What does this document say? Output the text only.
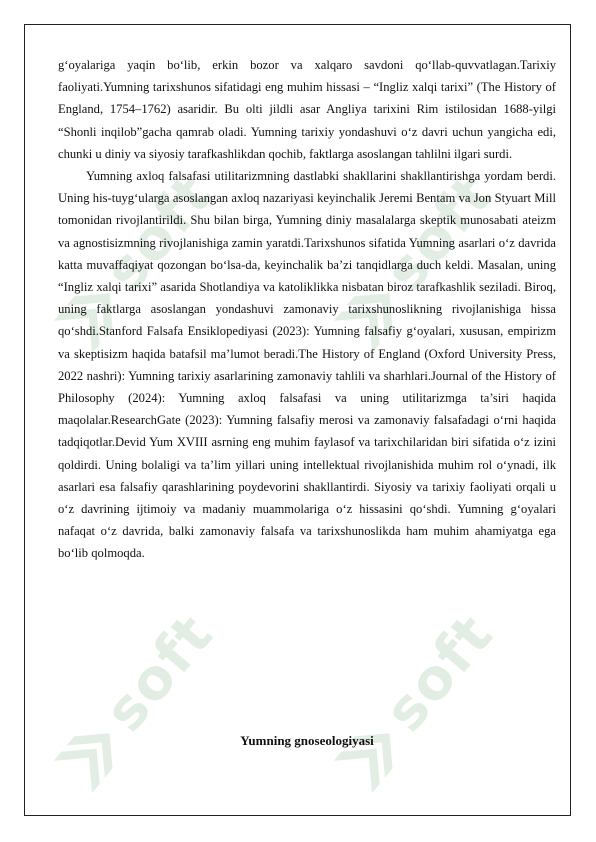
soft	soft
soft	soft

g‘oyalariga yaqin bo‘lib, erkin bozor va xalqaro savdoni qo‘llab-quvvatlagan.Tarixiy faoliyati.Yumning tarixshunos sifatidagi eng muhim hissasi – “Ingliz xalqi tarixi” (The History of England, 1754–1762) asaridir. Bu olti jildli asar Angliya tarixini Rim istilosidan 1688-yilgi “Shonli inqilob”gacha qamrab oladi. Yumning tarixiy yondashuvi o‘z davri uchun yangicha edi, chunki u diniy va siyosiy tarafkashlikdan qochib, faktlarga asoslangan tahlilni ilgari surdi.

Yumning axloq falsafasi utilitarizmning dastlabki shakllarini shakllantirishga yordam berdi. Uning his-tuyg‘ularga asoslangan axloq nazariyasi keyinchalik Jeremi Bentam va Jon Styuart Mill tomonidan rivojlantirildi. Shu bilan birga, Yumning diniy masalalarga skeptik munosabati ateizm va agnostisizmning rivojlanishiga zamin yaratdi.Tarixshunos sifatida Yumning asarlari o‘z davrida katta muvaffaqiyat qozongan bo‘lsa-da, keyinchalik ba’zi tanqidlarga duch keldi. Masalan, uning “Ingliz xalqi tarixi” asarida Shotlandiya va katoliklikka nisbatan biroz tarafkashlik seziladi. Biroq, uning faktlarga asoslangan yondashuvi zamonaviy tarixshunoslikning rivojlanishiga hissa qo‘shdi.Stanford Falsafa Ensiklopediyasi (2023): Yumning falsafiy g‘oyalari, xususan, empirizm va skeptisizm haqida batafsil ma’lumot beradi.The History of England (Oxford University Press, 2022 nashri): Yumning tarixiy asarlarining zamonaviy tahlili va sharhlari.Journal of the History of Philosophy (2024): Yumning axloq falsafasi va uning utilitarizmga ta’siri haqida maqolalar.ResearchGate (2023): Yumning falsafiy merosi va zamonaviy falsafadagi o‘rni haqida tadqiqotlar.Devid Yum XVIII asrning eng muhim faylasof va tarixchilaridan biri sifatida o‘z izini qoldirdi. Uning bolaligi va ta’lim yillari uning intellektual rivojlanishida muhim rol o‘ynadi, ilk asarlari esa falsafiy qarashlarining poydevorini shakllantirdi. Siyosiy va tarixiy faoliyati orqali u o‘z davrining ijtimoiy va madaniy muammolariga o‘z hissasini qo‘shdi. Yumning g‘oyalari nafaqat o‘z davrida, balki zamonaviy falsafa va tarixshunoslikda ham muhim ahamiyatga ega bo‘lib qolmoqda.

Yumning gnoseologiyasi
